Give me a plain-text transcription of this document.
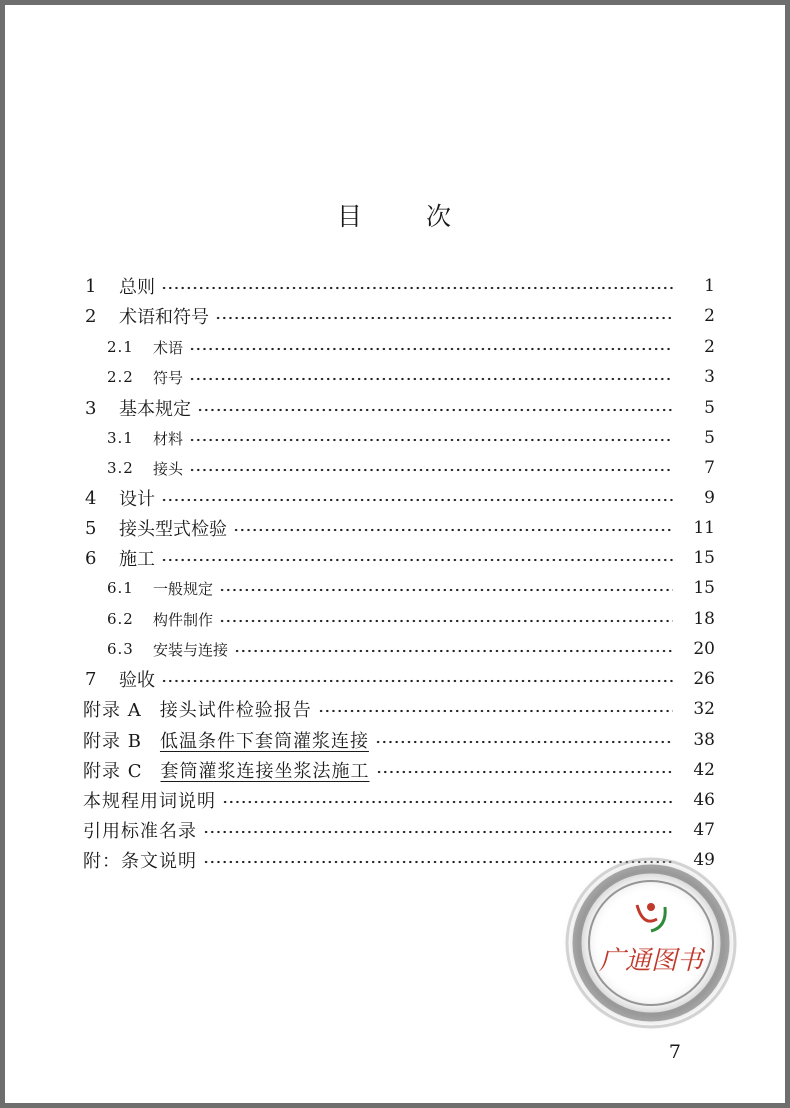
目 次
1	总则	1
2	术语和符号	2
2.1	术语	2
2.2	符号	3
3	基本规定	5
3.1	材料	5
3.2	接头	7
4	设计	9
5	接头型式检验	11
6	施工	15
6.1	一般规定	15
6.2	构件制作	18
6.3	安装与连接	20
7	验收	26
附录 A 接头试件检验报告	32
附录 B 低温条件下套筒灌浆连接	38
附录 C 套筒灌浆连接坐浆法施工	42
本规程用词说明	46
引用标准名录	47
附：条文说明	49
广通图书
7
